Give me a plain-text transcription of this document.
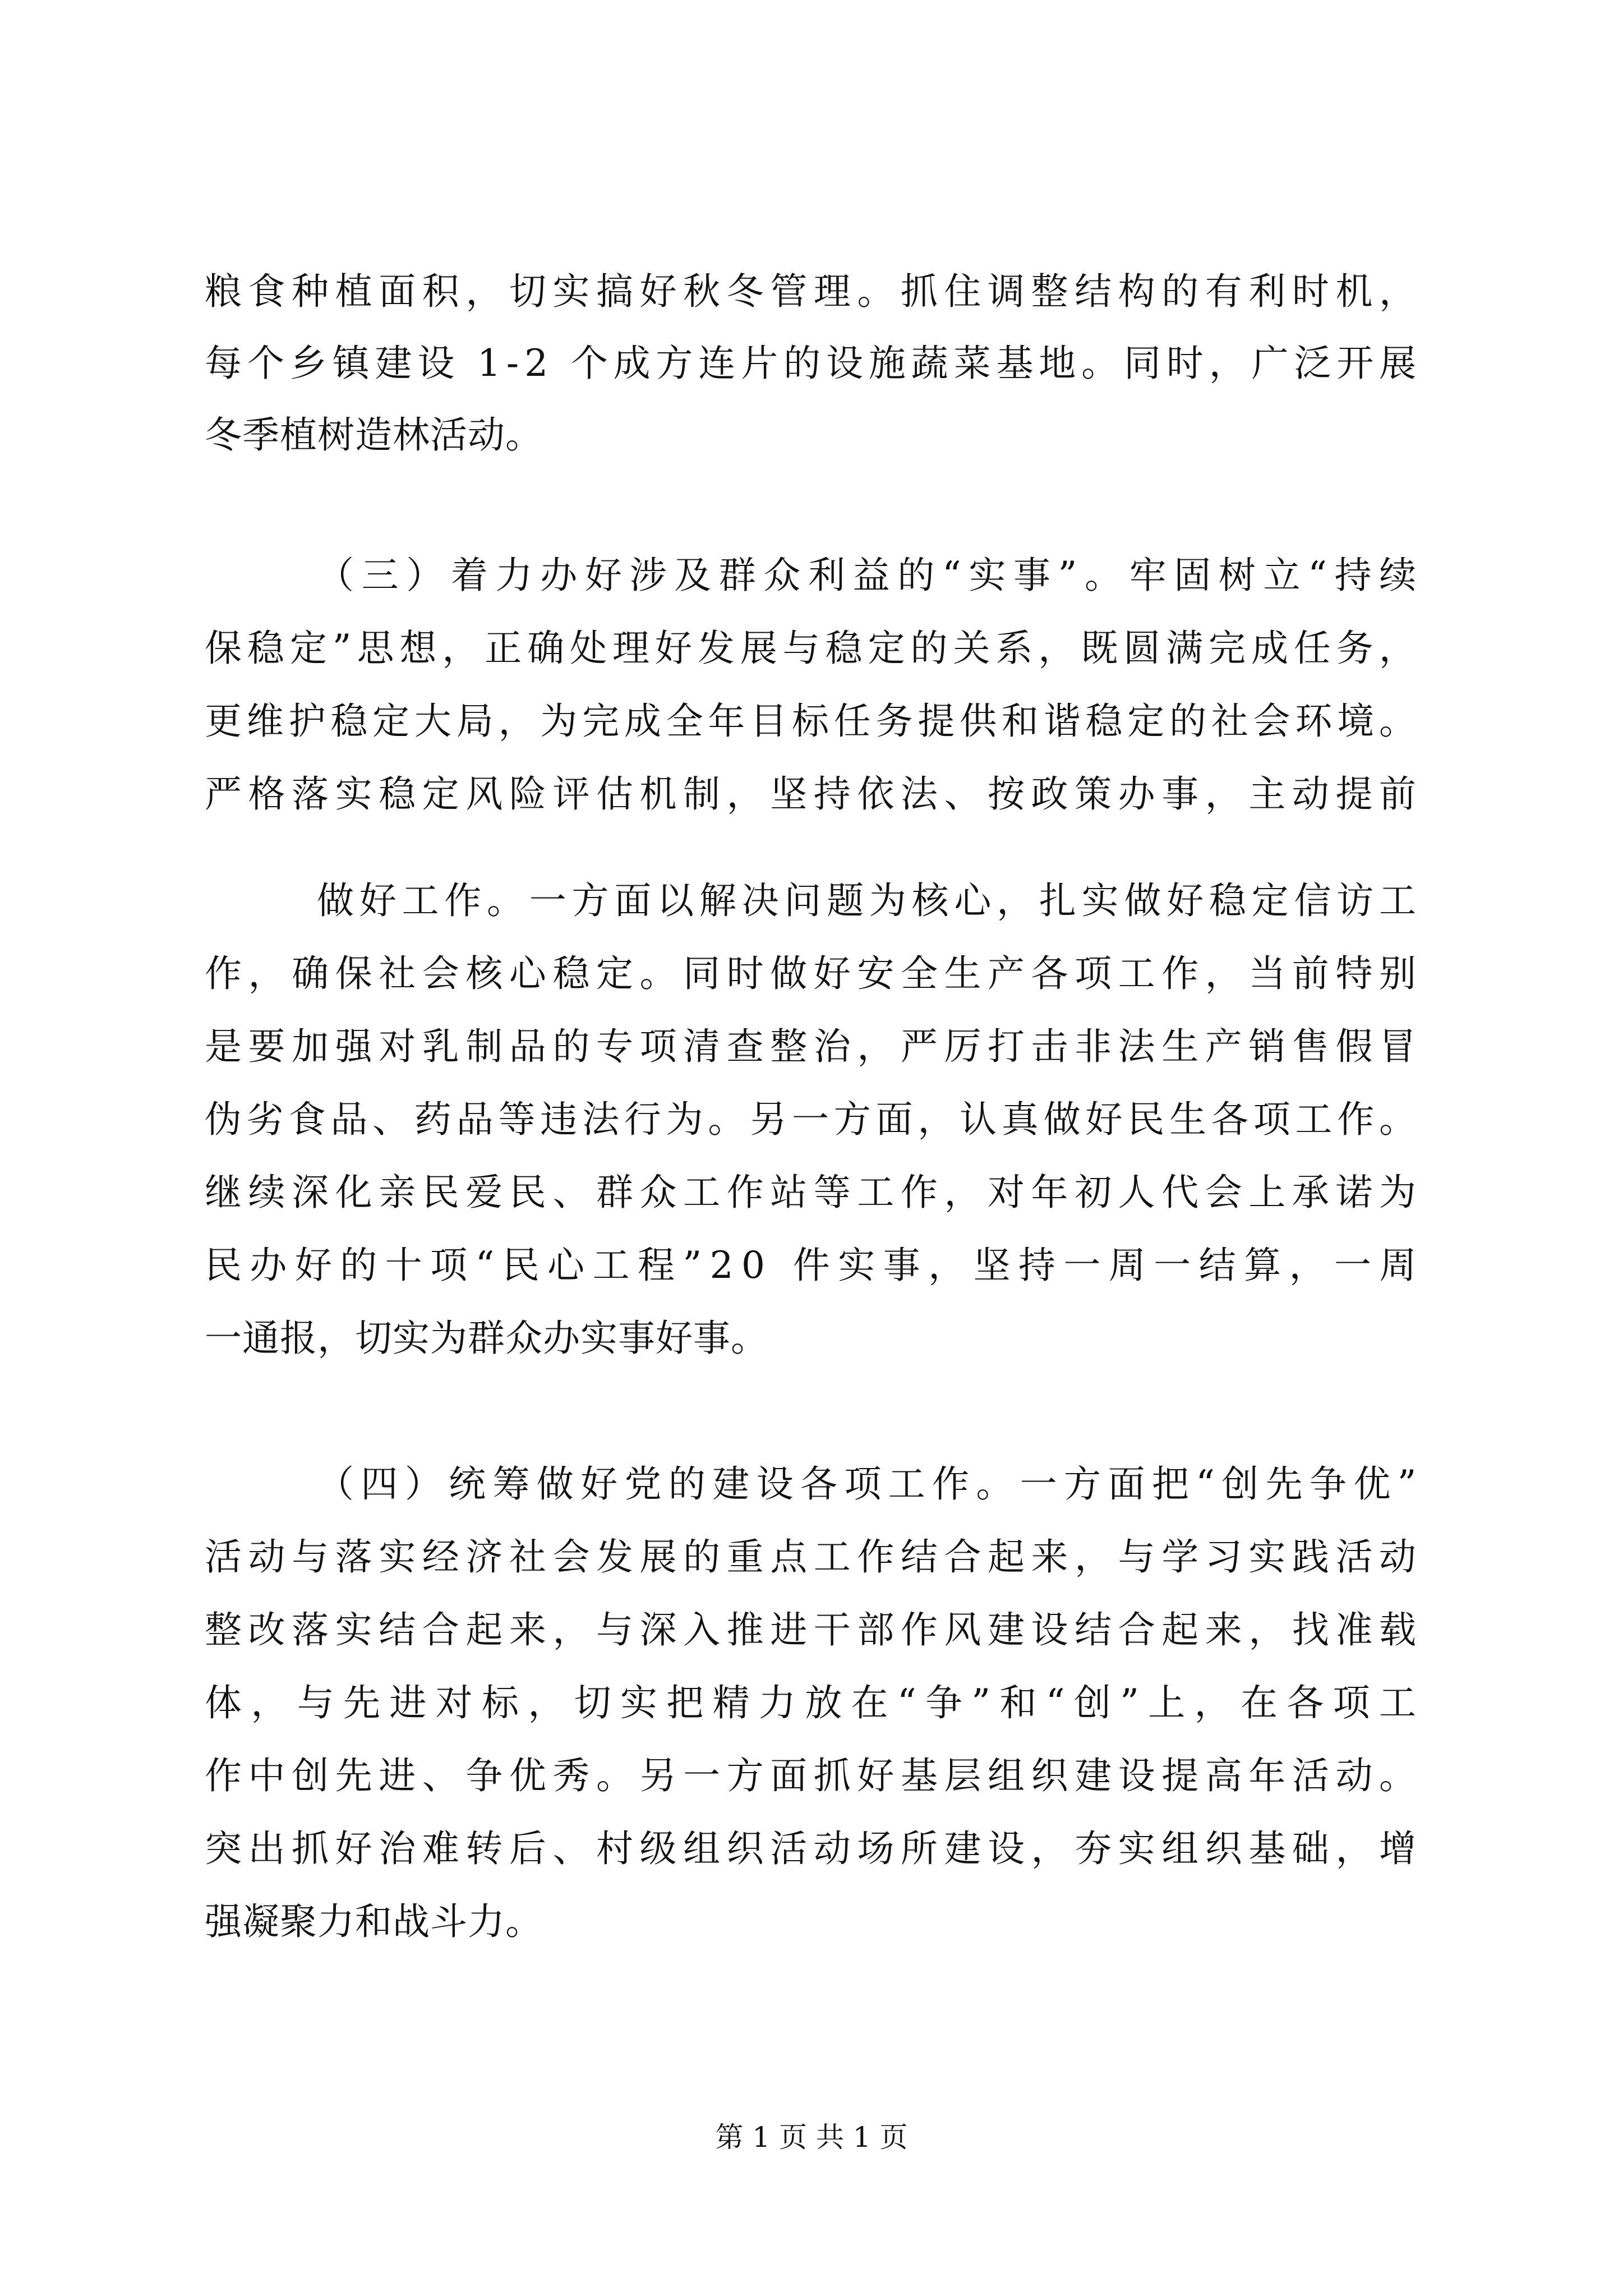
粮食种植面积，切实搞好秋冬管理。抓住调整结构的有利时机，
每个乡镇建设 1-2 个成方连片的设施蔬菜基地。同时，广泛开展
冬季植树造林活动。
（三）着力办好涉及群众利益的“实事”。牢固树立“持续
保稳定”思想，正确处理好发展与稳定的关系，既圆满完成任务，
更维护稳定大局，为完成全年目标任务提供和谐稳定的社会环境。
严格落实稳定风险评估机制，坚持依法、按政策办事，主动提前
做好工作。一方面以解决问题为核心，扎实做好稳定信访工
作，确保社会核心稳定。同时做好安全生产各项工作，当前特别
是要加强对乳制品的专项清查整治，严厉打击非法生产销售假冒
伪劣食品、药品等违法行为。另一方面，认真做好民生各项工作。
继续深化亲民爱民、群众工作站等工作，对年初人代会上承诺为
民办好的十项“民心工程”20 件实事，坚持一周一结算，一周
一通报，切实为群众办实事好事。
（四）统筹做好党的建设各项工作。一方面把“创先争优”
活动与落实经济社会发展的重点工作结合起来，与学习实践活动
整改落实结合起来，与深入推进干部作风建设结合起来，找准载
体，与先进对标，切实把精力放在“争”和“创”上，在各项工
作中创先进、争优秀。另一方面抓好基层组织建设提高年活动。
突出抓好治难转后、村级组织活动场所建设，夯实组织基础，增
强凝聚力和战斗力。
第 1 页 共 1 页
